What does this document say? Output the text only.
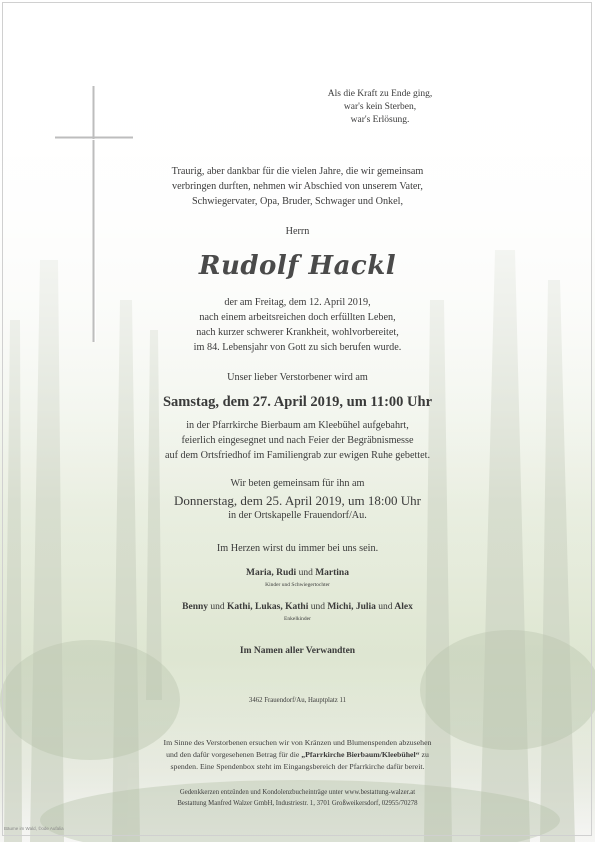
Als die Kraft zu Ende ging,
war's kein Sterben,
war's Erlösung.
Traurig, aber dankbar für die vielen Jahre, die wir gemeinsam
verbringen durften, nehmen wir Abschied von unserem Vater,
Schwiegervater, Opa, Bruder, Schwager und Onkel,
Herrn
Rudolf Hackl
der am Freitag, dem 12. April 2019,
nach einem arbeitsreichen doch erfüllten Leben,
nach kurzer schwerer Krankheit, wohlvorbereitet,
im 84. Lebensjahr von Gott zu sich berufen wurde.
Unser lieber Verstorbener wird am
Samstag, dem 27. April 2019, um 11:00 Uhr
in der Pfarrkirche Bierbaum am Kleebühel aufgebahrt,
feierlich eingesegnet und nach Feier der Begräbnismesse
auf dem Ortsfriedhof im Familiengrab zur ewigen Ruhe gebettet.
Wir beten gemeinsam für ihn am
Donnerstag, dem 25. April 2019, um 18:00 Uhr
in der Ortskapelle Frauendorf/Au.
Im Herzen wirst du immer bei uns sein.
Maria, Rudi und Martina
Kinder und Schwiegertochter
Benny und Kathi, Lukas, Kathi und Michi, Julia und Alex
Enkelkinder
Im Namen aller Verwandten
3462 Frauendorf/Au, Hauptplatz 11
Im Sinne des Verstorbenen ersuchen wir von Kränzen und Blumenspenden abzusehen
und den dafür vorgesehenen Betrag für die „Pfarrkirche Bierbaum/Kleebühel“ zu
spenden. Eine Spendenbox steht im Eingangsbereich der Pfarrkirche dafür bereit.
Gedenkkerzen entzünden und Kondolenzbucheinträge unter www.bestattung-walzer.at
Bestattung Manfred Walzer GmbH, Industriestr. 1, 3701 Großweikersdorf, 02955/70278
Bäume im Wald, ©ode Aufalia
